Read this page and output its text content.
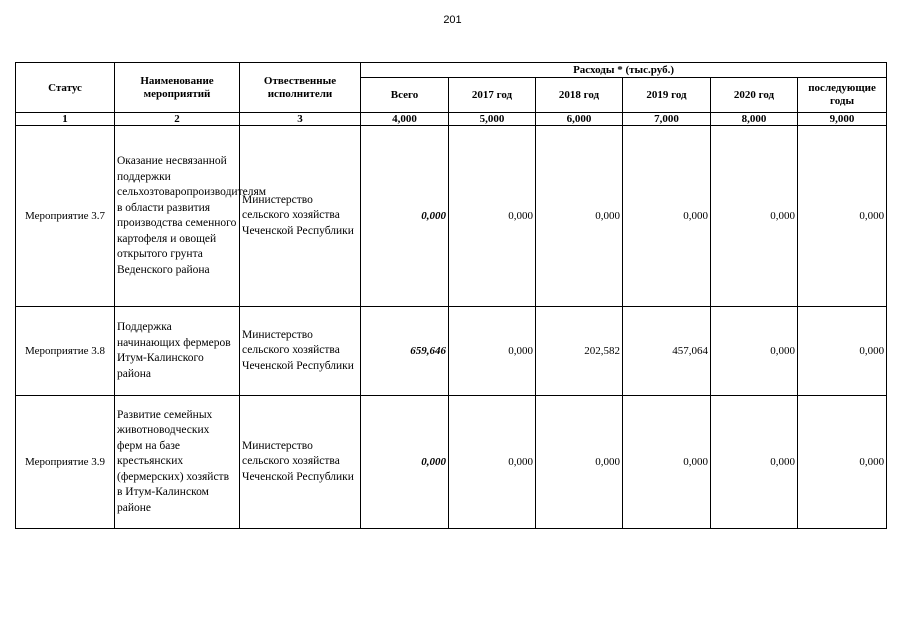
201
Статус	Наименование мероприятий	Отвественные исполнители	Расходы * (тыс.руб.)					
			Всего	2017 год	2018 год	2019 год	2020 год	последующие годы

1	2	3	4,000	5,000	6,000	7,000	8,000	9,000
Мероприятие 3.7	Оказание несвязанной поддержки сельхозтоваропроизводителям в области развития производства семенного картофеля и овощей открытого грунта Веденского района	Министерство сельского хозяйства Чеченской Республики	0,000	0,000	0,000	0,000	0,000	0,000
Мероприятие 3.8	Поддержка начинающих фермеров Итум-Калинского района	Министерство сельского хозяйства Чеченской Республики	659,646	0,000	202,582	457,064	0,000	0,000
Мероприятие 3.9	Развитие семейных животноводческих ферм на базе крестьянских (фермерских) хозяйств в Итум-Калинском районе	Министерство сельского хозяйства Чеченской Республики	0,000	0,000	0,000	0,000	0,000	0,000
